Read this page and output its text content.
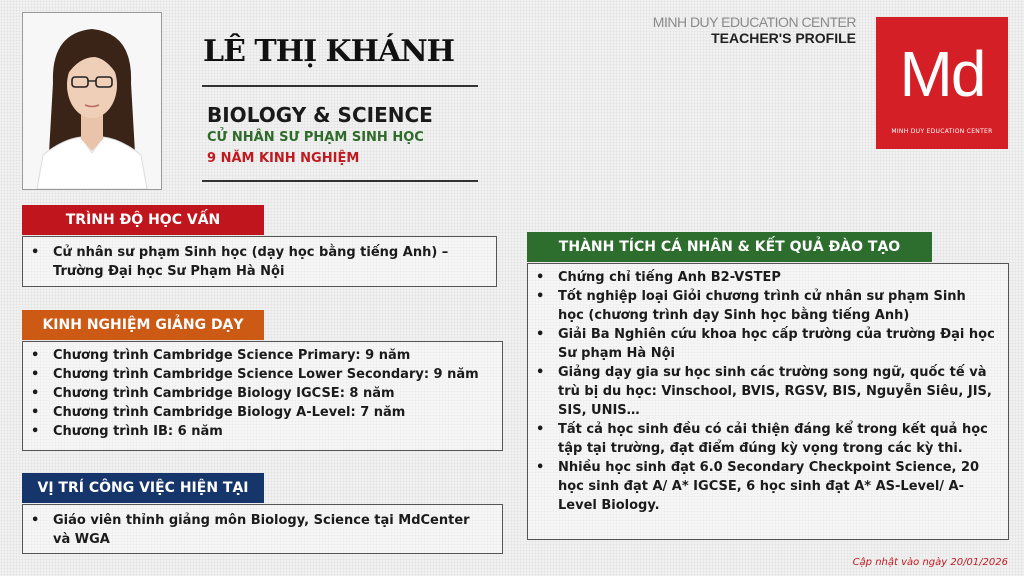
LÊ THỊ KHÁNH
BIOLOGY & SCIENCE
CỬ NHÂN SƯ PHẠM SINH HỌC
9 NĂM KINH NGHIỆM
MINH DUY EDUCATION CENTER
TEACHER'S PROFILE Md
MINH DUY EDUCATION CENTER
TRÌNH ĐỘ HỌC VẤN
• Cử nhân sư phạm Sinh học (dạy học bằng tiếng Anh) – Trường Đại học Sư Phạm Hà Nội
KINH NGHIỆM GIẢNG DẠY
• Chương trình Cambridge Science Primary: 9 năm
• Chương trình Cambridge Science Lower Secondary: 9 năm
• Chương trình Cambridge Biology IGCSE: 8 năm
• Chương trình Cambridge Biology A-Level: 7 năm
• Chương trình IB: 6 năm
VỊ TRÍ CÔNG VIỆC HIỆN TẠI
• Giáo viên thỉnh giảng môn Biology, Science tại MdCenter và WGA
THÀNH TÍCH CÁ NHÂN & KẾT QUẢ ĐÀO TẠO
• Chứng chỉ tiếng Anh B2-VSTEP
• Tốt nghiệp loại Giỏi chương trình cử nhân sư phạm Sinh học (chương trình dạy Sinh học bằng tiếng Anh)
• Giải Ba Nghiên cứu khoa học cấp trường của trường Đại học Sư phạm Hà Nội
• Giảng dạy gia sư học sinh các trường song ngữ, quốc tế và trù bị du học: Vinschool, BVIS, RGSV, BIS, Nguyễn Siêu, JIS, SIS, UNIS…
• Tất cả học sinh đều có cải thiện đáng kể trong kết quả học tập tại trường, đạt điểm đúng kỳ vọng trong các kỳ thi.
• Nhiều học sinh đạt 6.0 Secondary Checkpoint Science, 20 học sinh đạt A/ A* IGCSE, 6 học sinh đạt A* AS-Level/ A-Level Biology.
Cập nhật vào ngày 20/01/2026
